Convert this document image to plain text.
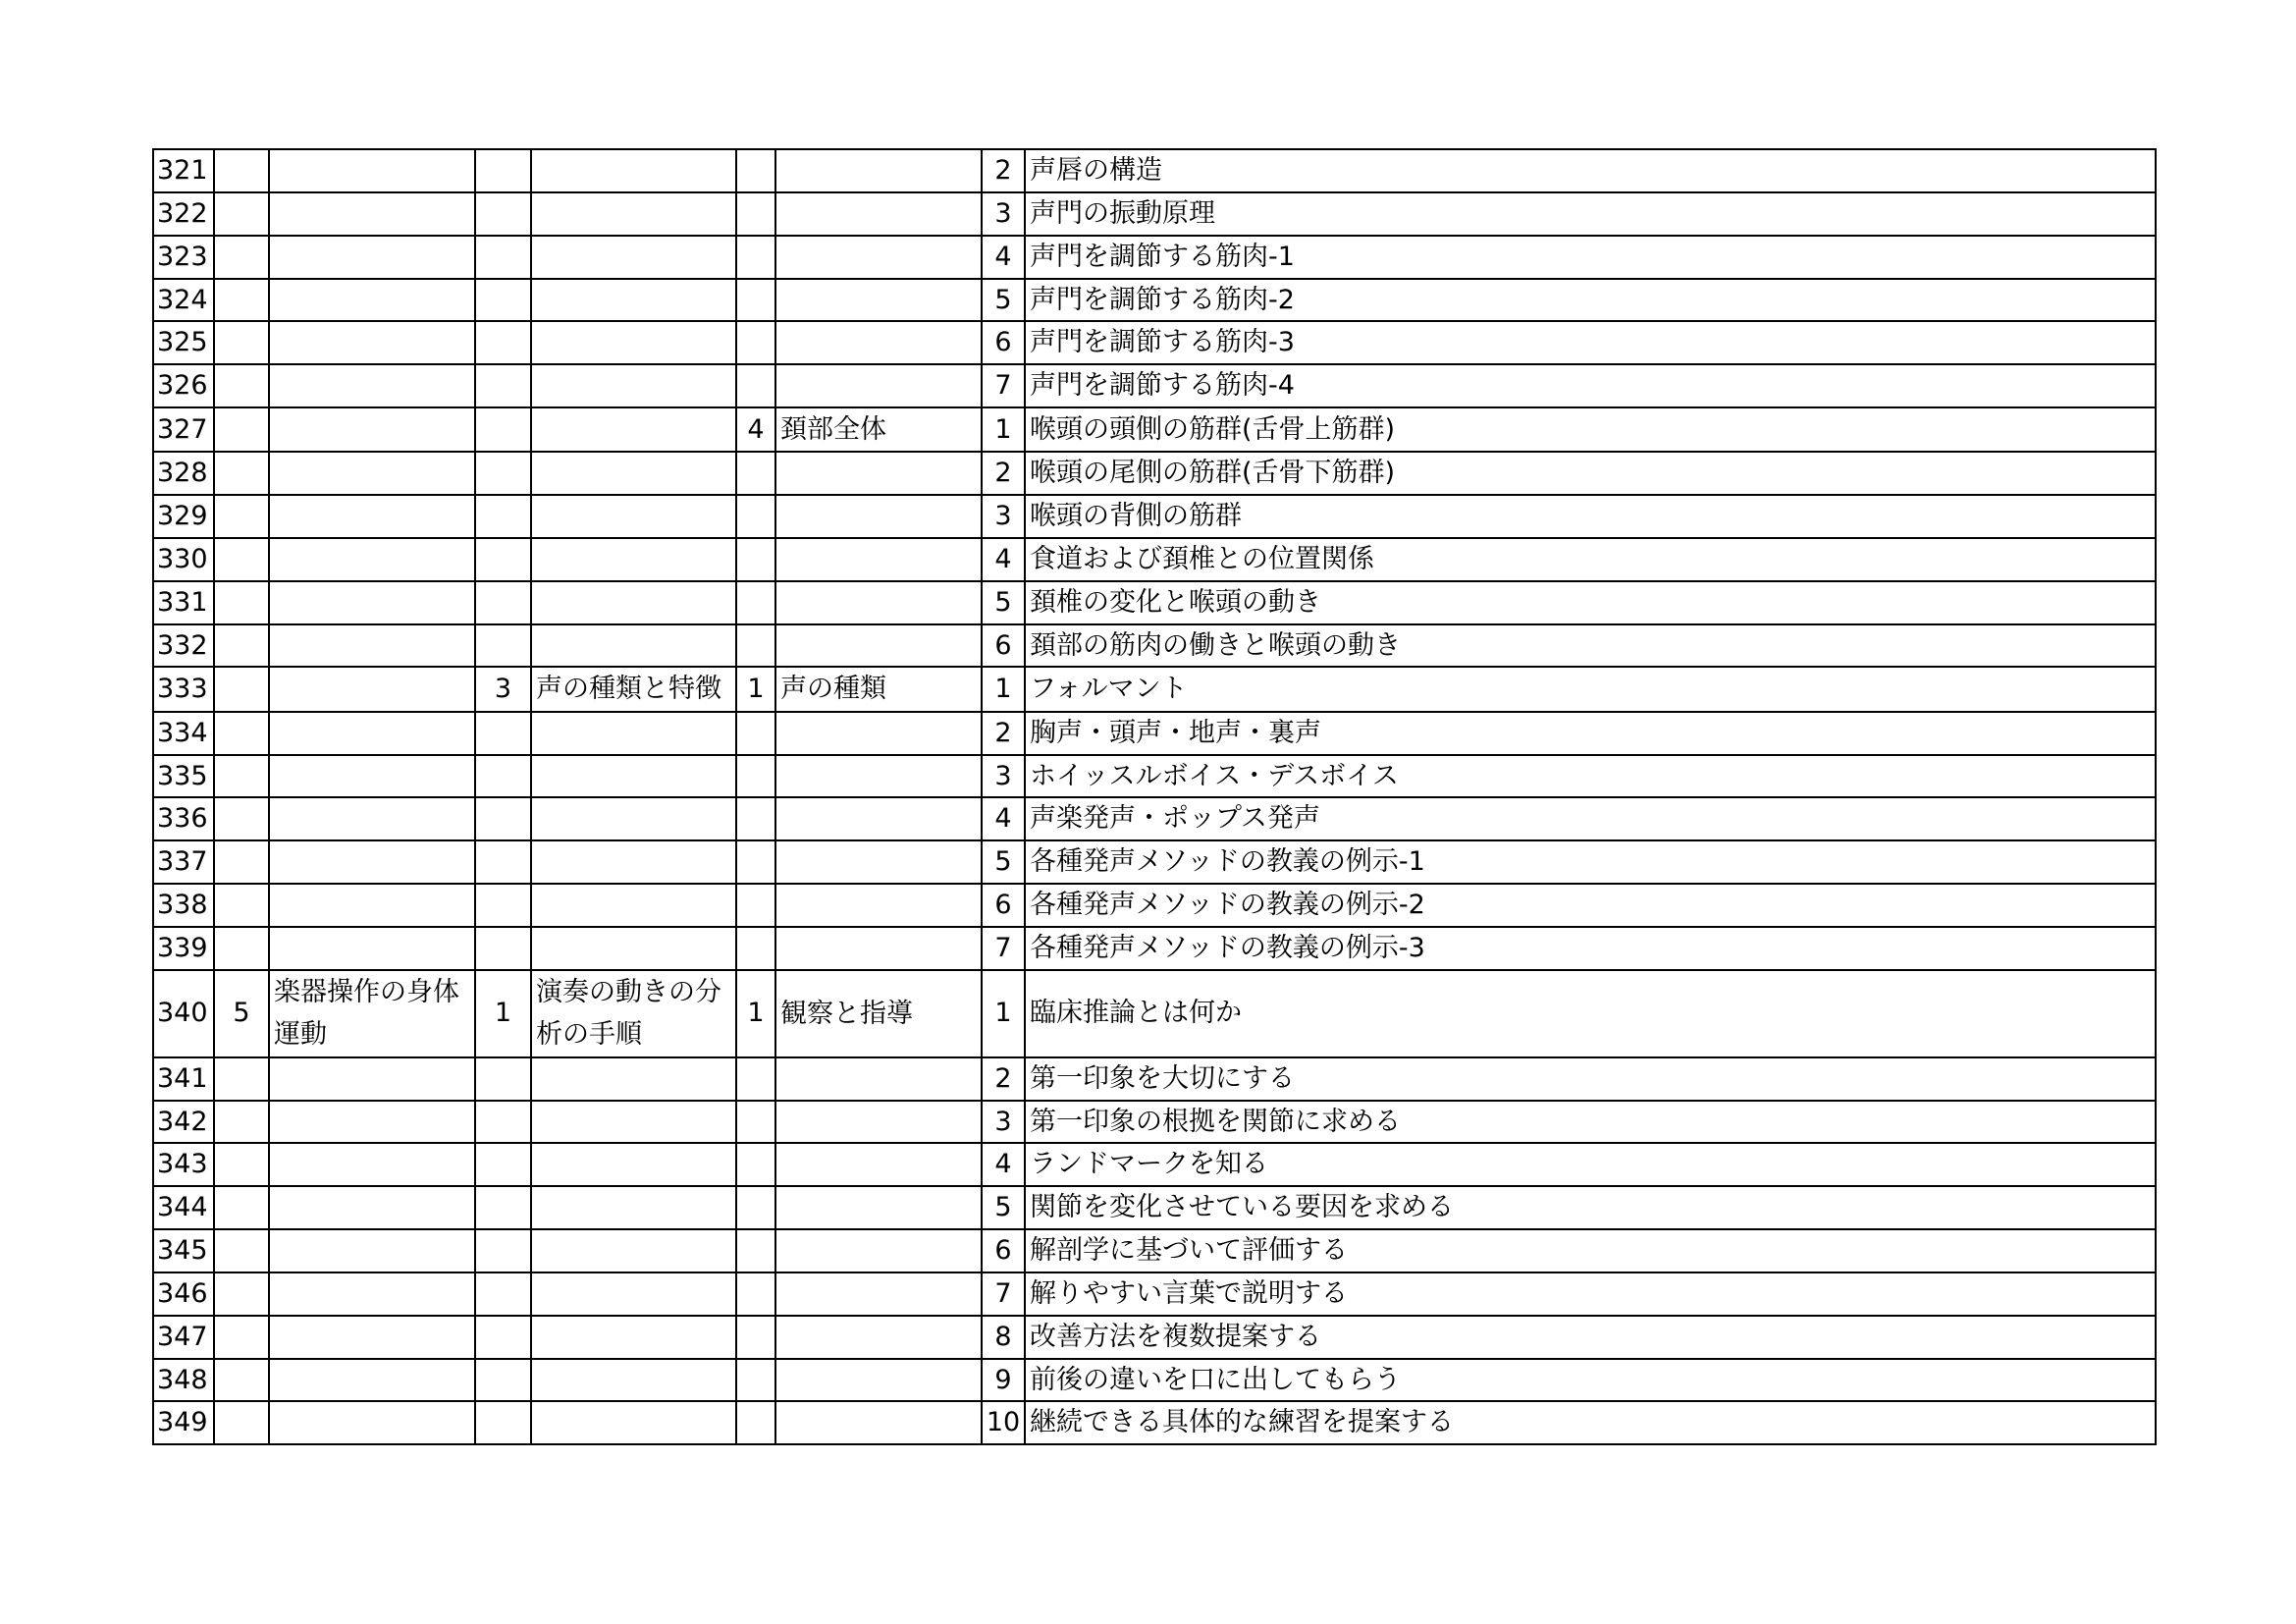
321							2	声唇の構造
322							3	声門の振動原理
323							4	声門を調節する筋肉-1
324							5	声門を調節する筋肉-2
325							6	声門を調節する筋肉-3
326							7	声門を調節する筋肉-4
327					4	頚部全体	1	喉頭の頭側の筋群(舌骨上筋群)
328							2	喉頭の尾側の筋群(舌骨下筋群)
329							3	喉頭の背側の筋群
330							4	食道および頚椎との位置関係
331							5	頚椎の変化と喉頭の動き
332							6	頚部の筋肉の働きと喉頭の動き
333			3	声の種類と特徴	1	声の種類	1	フォルマント
334							2	胸声・頭声・地声・裏声
335							3	ホイッスルボイス・デスボイス
336							4	声楽発声・ポップス発声
337							5	各種発声メソッドの教義の例示-1
338							6	各種発声メソッドの教義の例示-2
339							7	各種発声メソッドの教義の例示-3
340	5	楽器操作の身体運動	1	演奏の動きの分析の手順	1	観察と指導	1	臨床推論とは何か
341							2	第一印象を大切にする
342							3	第一印象の根拠を関節に求める
343							4	ランドマークを知る
344							5	関節を変化させている要因を求める
345							6	解剖学に基づいて評価する
346							7	解りやすい言葉で説明する
347							8	改善方法を複数提案する
348							9	前後の違いを口に出してもらう
349							10	継続できる具体的な練習を提案する
